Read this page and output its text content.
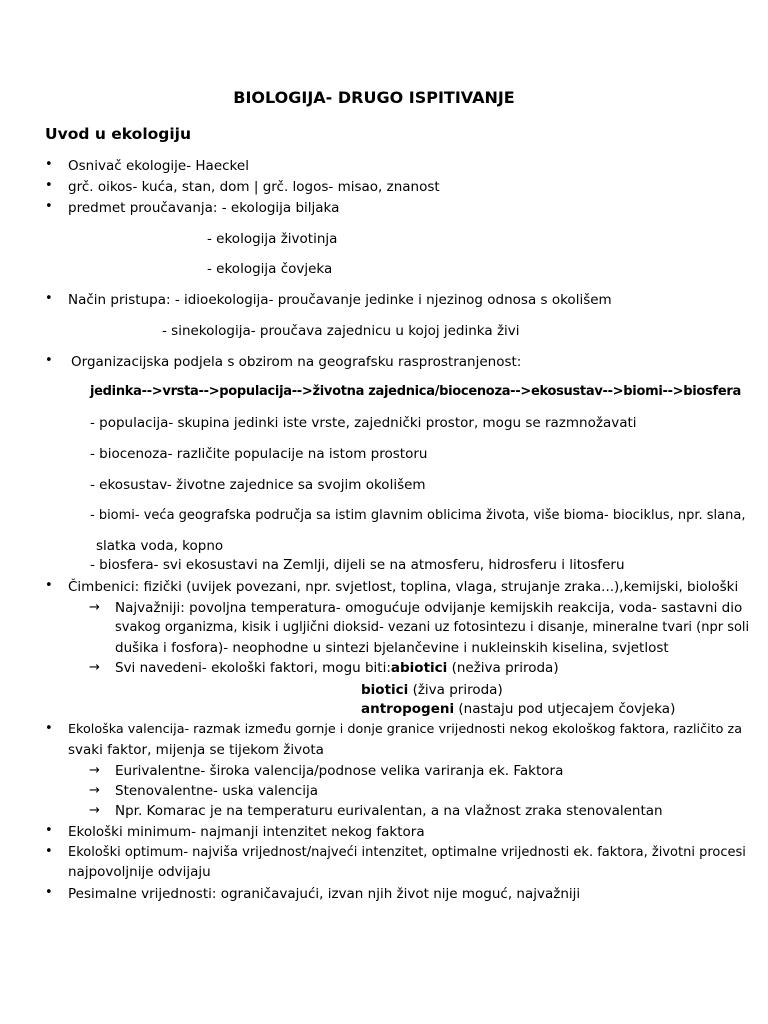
BIOLOGIJA- DRUGO ISPITIVANJE
Uvod u ekologiju
• Osnivač ekologije- Haeckel
• grč. oikos- kuća, stan, dom | grč. logos- misao, znanost
• predmet proučavanja: - ekologija biljaka
- ekologija životinja
- ekologija čovjeka
• Način pristupa: - idioekologija- proučavanje jedinke i njezinog odnosa s okolišem
- sinekologija- proučava zajednicu u kojoj jedinka živi
• Organizacijska podjela s obzirom na geografsku rasprostranjenost:
jedinka-->vrsta-->populacija-->životna zajednica/biocenoza-->ekosustav-->biomi-->biosfera
- populacija- skupina jedinki iste vrste, zajednički prostor, mogu se razmnožavati
- biocenoza- različite populacije na istom prostoru
- ekosustav- životne zajednice sa svojim okolišem
- biomi- veća geografska područja sa istim glavnim oblicima života, više bioma- biociklus, npr. slana,
slatka voda, kopno
- biosfera- svi ekosustavi na Zemlji, dijeli se na atmosferu, hidrosferu i litosferu
• Čimbenici: fizički (uvijek povezani, npr. svjetlost, toplina, vlaga, strujanje zraka...),kemijski, biološki
→ Najvažniji: povoljna temperatura- omogućuje odvijanje kemijskih reakcija, voda- sastavni dio
svakog organizma, kisik i ugljični dioksid- vezani uz fotosintezu i disanje, mineralne tvari (npr soli
dušika i fosfora)- neophodne u sintezi bjelančevine i nukleinskih kiselina, svjetlost
→ Svi navedeni- ekološki faktori, mogu biti:abiotici (neživa priroda)
biotici (živa priroda)
antropogeni (nastaju pod utjecajem čovjeka)
• Ekološka valencija- razmak između gornje i donje granice vrijednosti nekog ekološkog faktora, različito za
svaki faktor, mijenja se tijekom života
→ Eurivalentne- široka valencija/podnose velika variranja ek. Faktora
→ Stenovalentne- uska valencija
→ Npr. Komarac je na temperaturu eurivalentan, a na vlažnost zraka stenovalentan
• Ekološki minimum- najmanji intenzitet nekog faktora
• Ekološki optimum- najviša vrijednost/najveći intenzitet, optimalne vrijednosti ek. faktora, životni procesi
najpovoljnije odvijaju
• Pesimalne vrijednosti: ograničavajući, izvan njih život nije moguć, najvažniji
